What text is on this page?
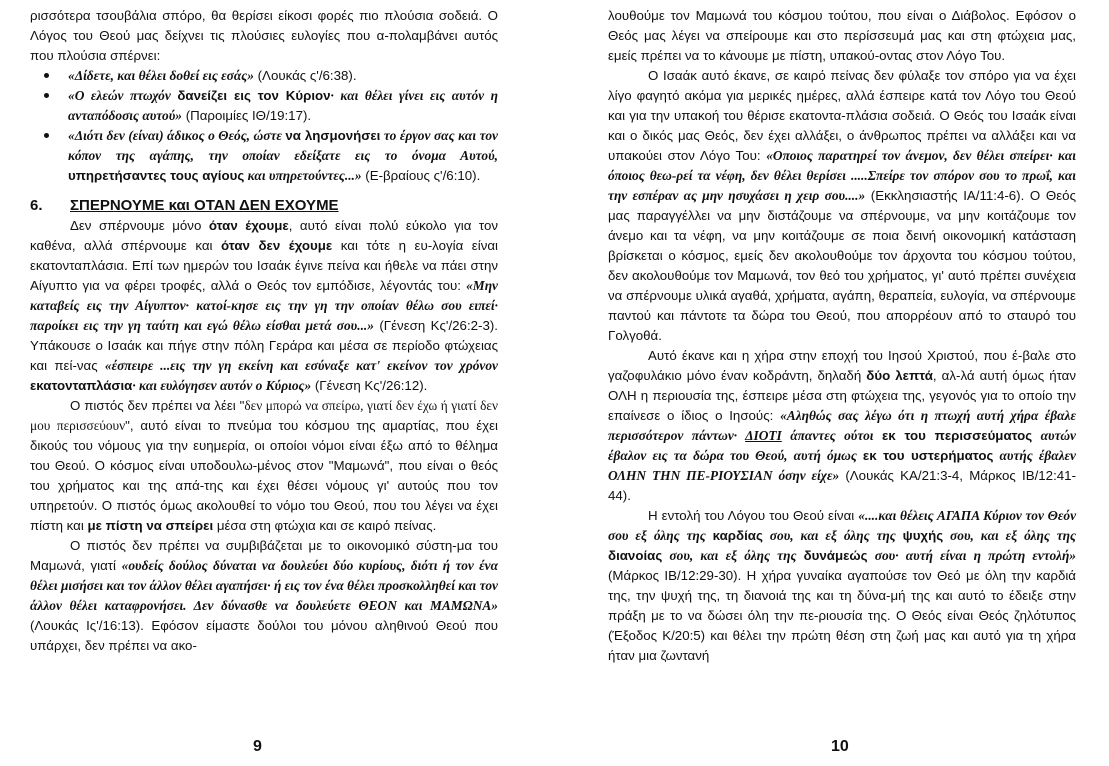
ρισσότερα τσουβάλια σπόρο, θα θερίσει είκοσι φορές πιο πλούσια σοδειά. Ο Λόγος του Θεού μας δείχνει τις πλούσιες ευλογίες που α-πολαμβάνει αυτός που πλούσια σπέρνει:

«Δίδετε, και θέλει δοθεί εις εσάς» (Λουκάς ς'/6:38).
«Ο ελεών πτωχόν δανείζει εις τον Κύριον· και θέλει γίνει εις αυτόν η ανταπόδοσις αυτού» (Παροιμίες ΙΘ/19:17).
«Διότι δεν (είναι) άδικος ο Θεός, ώστε να λησμονήσει το έργον σας και τον κόπον της αγάπης, την οποίαν εδείξατε εις το όνομα Αυτού, υπηρετήσαντες τους αγίους και υπηρετούντες...» (Ε-βραίους ς'/6:10).
6. ΣΠΕΡΝΟΥΜΕ και ΟΤΑΝ ΔΕΝ ΕΧΟΥΜΕ

Δεν σπέρνουμε μόνο όταν έχουμε, αυτό είναι πολύ εύκολο για τον καθένα, αλλά σπέρνουμε και όταν δεν έχουμε και τότε η ευ-λογία είναι εκατονταπλάσια. Επί των ημερών του Ισαάκ έγινε πείνα και ήθελε να πάει στην Αίγυπτο για να φέρει τροφές, αλλά ο Θεός τον εμπόδισε, λέγοντάς του: «Μην καταβείς εις την Αίγυπτον· κατοί-κησε εις την γη την οποίαν θέλω σου ειπεί· παροίκει εις την γη ταύτη και εγώ θέλω είσθαι μετά σου...» (Γένεση Κς'/26:2-3). Υπάκουσε ο Ισαάκ και πήγε στην πόλη Γεράρα και μέσα σε περίοδο φτώχειας και πεί-νας «έσπειρε ...εις την γη εκείνη και εσύναξε κατ' εκείνον τον χρόνον εκατονταπλάσια· και ευλόγησεν αυτόν ο Κύριος» (Γένεση Κς'/26:12).

Ο πιστός δεν πρέπει να λέει "δεν μπορώ να σπείρω, γιατί δεν έχω ή γιατί δεν μου περισσεύουν", αυτό είναι το πνεύμα του κόσμου της αμαρτίας, που έχει δικούς του νόμους για την ευημερία, οι οποίοι νόμοι είναι έξω από το θέλημα του Θεού. Ο κόσμος είναι υποδουλω-μένος στον "Μαμωνά", που είναι ο θεός του χρήματος και της απά-της και έχει θέσει νόμους γι' αυτούς που τον υπηρετούν. Ο πιστός όμως ακολουθεί το νόμο του Θεού, που του λέγει να έχει πίστη και με πίστη να σπείρει μέσα στη φτώχια και σε καιρό πείνας.

Ο πιστός δεν πρέπει να συμβιβάζεται με το οικονομικό σύστη-μα του Μαμωνά, γιατί «ουδείς δούλος δύναται να δουλεύει δύο κυρίους, διότι ή τον ένα θέλει μισήσει και τον άλλον θέλει αγαπήσει· ή εις τον ένα θέλει προσκολληθεί και τον άλλον θέλει καταφρονήσει. Δεν δύνασθε να δουλεύετε ΘΕΟΝ και ΜΑΜΩΝΑ» (Λουκάς Ις'/16:13). Εφόσον είμαστε δούλοι του μόνου αληθινού Θεού που υπάρχει, δεν πρέπει να ακο-

λουθούμε τον Μαμωνά του κόσμου τούτου, που είναι ο Διάβολος. Εφόσον ο Θεός μας λέγει να σπείρουμε και στο περίσσευμά μας και στη φτώχεια μας, εμείς πρέπει να το κάνουμε με πίστη, υπακού-οντας στον Λόγο Του.

Ο Ισαάκ αυτό έκανε, σε καιρό πείνας δεν φύλαξε τον σπόρο για να έχει λίγο φαγητό ακόμα για μερικές ημέρες, αλλά έσπειρε κατά τον Λόγο του Θεού και για την υπακοή του θέρισε εκατοντα-πλάσια σοδειά. Ο Θεός του Ισαάκ είναι και ο δικός μας Θεός, δεν έχει αλλάξει, ο άνθρωπος πρέπει να αλλάξει και να υπακούει στον Λόγο Του: «Οποιος παρατηρεί τον άνεμον, δεν θέλει σπείρει· και όποιος θεω-ρεί τα νέφη, δεν θέλει θερίσει .....Σπείρε τον σπόρον σου το πρωΐ, και την εσπέραν ας μην ησυχάσει η χειρ σου....» (Εκκλησιαστής ΙΑ/11:4-6). Ο Θεός μας παραγγέλλει να μην διστάζουμε να σπέρνουμε, να μην κοιτάζουμε τον άνεμο και τα νέφη, να μην κοιτάζουμε σε ποια δεινή οικονομική κατάσταση βρίσκεται ο κόσμος, εμείς δεν ακολουθούμε τον άρχοντα του κόσμου τούτου, δεν ακολουθούμε τον Μαμωνά, τον θεό του χρήματος, γι' αυτό πρέπει συνέχεια να σπέρνουμε υλικά αγαθά, χρήματα, αγάπη, θεραπεία, ευλογία, να σπέρνουμε παντού και πάντοτε τα δώρα του Θεού, που απορρέουν από το σταυρό του Γολγοθά.

Αυτό έκανε και η χήρα στην εποχή του Ιησού Χριστού, που έ-βαλε στο γαζοφυλάκιο μόνο έναν κοδράντη, δηλαδή δύο λεπτά, αλ-λά αυτή όμως ήταν ΟΛΗ η περιουσία της, έσπειρε μέσα στη φτώχεια της, γεγονός για το οποίο την επαίνεσε ο ίδιος ο Ιησούς: «Αληθώς σας λέγω ότι η πτωχή αυτή χήρα έβαλε περισσότερον πάντων· ΔΙΟΤΙ άπαντες ούτοι εκ του περισσεύματος αυτών έβαλον εις τα δώρα του Θεού, αυτή όμως εκ του υστερήματος αυτής έβαλεν ΟΛΗΝ ΤΗΝ ΠΕ-ΡΙΟΥΣΙΑΝ όσην είχε» (Λουκάς ΚΑ/21:3-4, Μάρκος ΙΒ/12:41-44).

Η εντολή του Λόγου του Θεού είναι «....και θέλεις ΑΓΑΠΑ Κύριον τον Θεόν σου εξ όλης της καρδίας σου, και εξ όλης της ψυχής σου, και εξ όλης της διανοίας σου, και εξ όλης της δυνάμεώς σου· αυτή είναι η πρώτη εντολή» (Μάρκος ΙΒ/12:29-30). Η χήρα γυναίκα αγαπούσε τον Θεό με όλη την καρδιά της, την ψυχή της, τη διανοιά της και τη δύνα-μή της και αυτό το έδειξε στην πράξη με το να δώσει όλη την πε-ριουσία της. Ο Θεός είναι Θεός ζηλότυπος (Έξοδος Κ/20:5) και θέλει την πρώτη θέση στη ζωή μας και αυτό για τη χήρα ήταν μια ζωντανή

9	10
